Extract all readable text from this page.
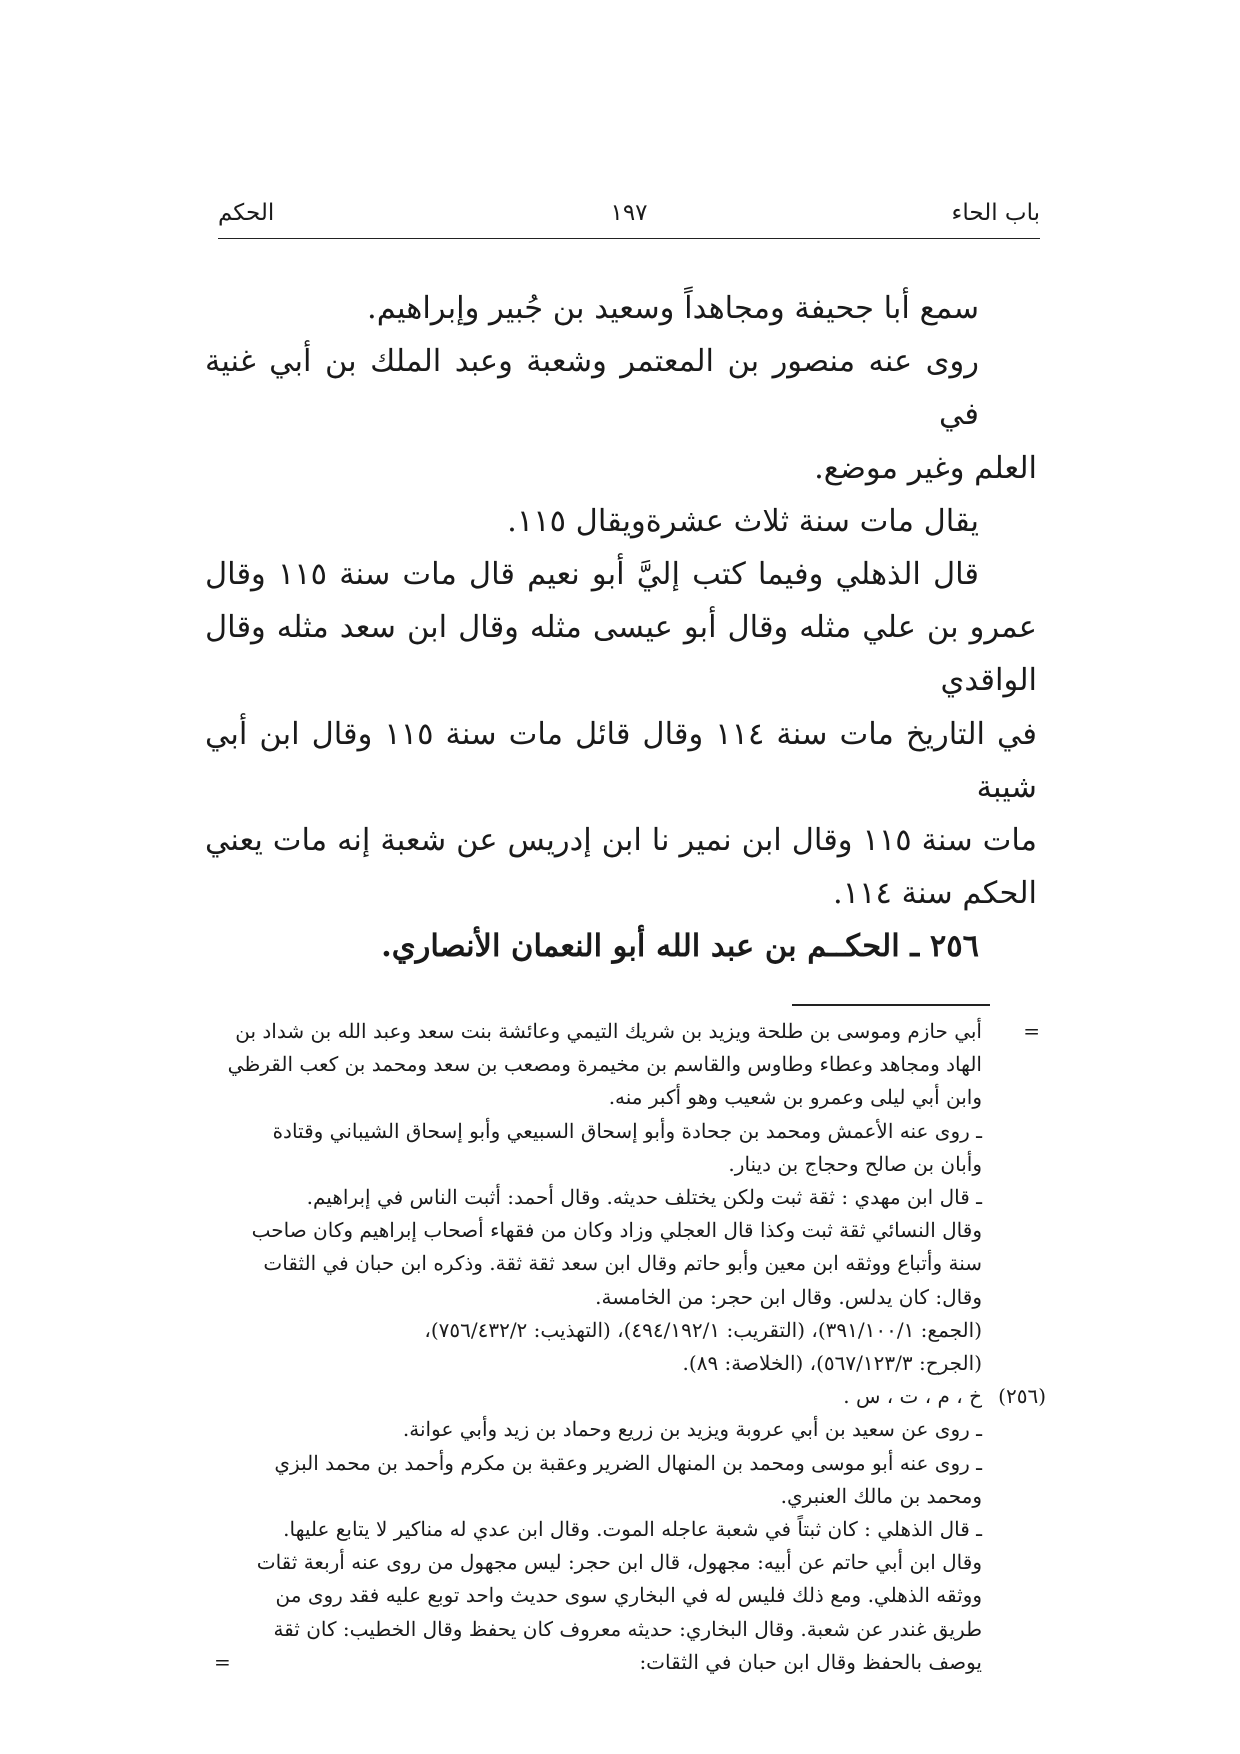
باب الحاء
١٩٧
الحكم

سمع أبا جحيفة ومجاهداً وسعيد بن جُبير وإبراهيم.

روى عنه منصور بن المعتمر وشعبة وعبد الملك بن أبي غنية في

العلم وغير موضع.

يقال مات سنة ثلاث عشرةويقال ١١٥.

قال الذهلي وفيما كتب إليَّ أبو نعيم قال مات سنة ١١٥ وقال

عمرو بن علي مثله وقال أبو عيسى مثله وقال ابن سعد مثله وقال الواقدي

في التاريخ مات سنة ١١٤ وقال قائل مات سنة ١١٥ وقال ابن أبي شيبة

مات سنة ١١٥ وقال ابن نمير نا ابن إدريس عن شعبة إنه مات يعني

الحكم سنة ١١٤.

٢٥٦ ـ الحكــم بن عبد الله أبو النعمان الأنصاري.

=
أبي حازم وموسى بن طلحة ويزيد بن شريك التيمي وعائشة بنت سعد وعبد الله بن شداد بن

الهاد ومجاهد وعطاء وطاوس والقاسم بن مخيمرة ومصعب بن سعد ومحمد بن كعب القرظي

وابن أبي ليلى وعمرو بن شعيب وهو أكبر منه.

ـ روى عنه الأعمش ومحمد بن جحادة وأبو إسحاق السبيعي وأبو إسحاق الشيباني وقتادة

وأبان بن صالح وحجاج بن دينار.

ـ قال ابن مهدي : ثقة ثبت ولكن يختلف حديثه. وقال أحمد: أثبت الناس في إبراهيم.

وقال النسائي ثقة ثبت وكذا قال العجلي وزاد وكان من فقهاء أصحاب إبراهيم وكان صاحب

سنة وأتباع ووثقه ابن معين وأبو حاتم وقال ابن سعد ثقة ثقة. وذكره ابن حبان في الثقات

وقال: كان يدلس. وقال ابن حجر: من الخامسة.

(الجمع: ٣٩١/١٠٠/١)، (التقريب: ٤٩٤/١٩٢/١)، (التهذيب: ٧٥٦/٤٣٢/٢)،

(الجرح: ٥٦٧/١٢٣/٣)، (الخلاصة: ٨٩).

(٢٥٦)
خ ، م ، ت ، س .

ـ روى عن سعيد بن أبي عروبة ويزيد بن زريع وحماد بن زيد وأبي عوانة.

ـ روى عنه أبو موسى ومحمد بن المنهال الضرير وعقبة بن مكرم وأحمد بن محمد البزي

ومحمد بن مالك العنبري.

ـ قال الذهلي : كان ثبتاً في شعبة عاجله الموت. وقال ابن عدي له مناكير لا يتابع عليها.

وقال ابن أبي حاتم عن أبيه: مجهول، قال ابن حجر: ليس مجهول من روى عنه أربعة ثقات

ووثقه الذهلي. ومع ذلك فليس له في البخاري سوى حديث واحد توبع عليه فقد روى من

طريق غندر عن شعبة. وقال البخاري: حديثه معروف كان يحفظ وقال الخطيب: كان ثقة

يوصف بالحفظ وقال ابن حبان في الثقات:
=
